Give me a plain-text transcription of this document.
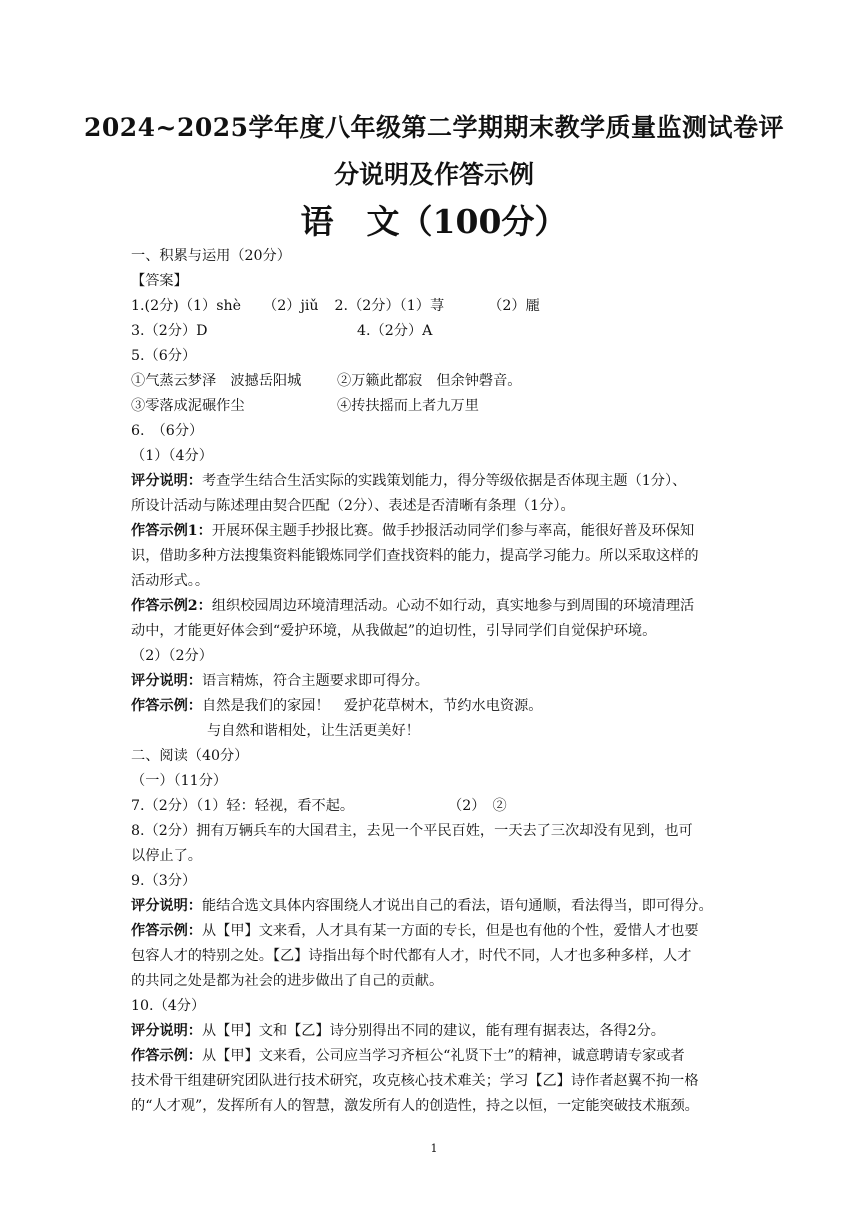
2024~2025学年度八年级第二学期期末教学质量监测试卷评
分说明及作答示例
语　文（100分）
一、积累与运用（20分）
【答案】
1.(2分)（1）shè （2）jiǔ 2.（2分）（1）荨	（2）龎
3.（2分）D	4.（2分）A
5.（6分）
①气蒸云梦泽　波撼岳阳城	②万籁此都寂　但余钟磬音。
③零落成泥碾作尘	④抟扶摇而上者九万里
6.　（6分）
（1）（4分）
评分说明：考查学生结合生活实际的实践策划能力，得分等级依据是否体现主题（1分）、
所设计活动与陈述理由契合匹配（2分）、表述是否清晰有条理（1分）。
作答示例1：开展环保主题手抄报比赛。做手抄报活动同学们参与率高，能很好普及环保知
识，借助多种方法搜集资料能锻炼同学们查找资料的能力，提高学习能力。所以采取这样的
活动形式。。
作答示例2：组织校园周边环境清理活动。心动不如行动，真实地参与到周围的环境清理活
动中，才能更好体会到“爱护环境，从我做起”的迫切性，引导同学们自觉保护环境。
（2）（2分）
评分说明：语言精炼，符合主题要求即可得分。
作答示例：自然是我们的家园！　爱护花草树木，节约水电资源。
与自然和谐相处，让生活更美好！
二、阅读（40分）
（一）（11分）
7.（2分）（1）轻：轻视，看不起。	（2）　②
8.（2分）拥有万辆兵车的大国君主，去见一个平民百姓，一天去了三次却没有见到，也可
以停止了。
9.（3分）
评分说明：能结合选文具体内容围绕人才说出自己的看法，语句通顺，看法得当，即可得分。
作答示例：从【甲】文来看，人才具有某一方面的专长，但是也有他的个性，爱惜人才也要
包容人才的特别之处。【乙】诗指出每个时代都有人才，时代不同，人才也多种多样，人才
的共同之处是都为社会的进步做出了自己的贡献。
10.（4分）
评分说明：从【甲】文和【乙】诗分别得出不同的建议，能有理有据表达，各得2分。
作答示例：从【甲】文来看，公司应当学习齐桓公“礼贤下士”的精神，诚意聘请专家或者
技术骨干组建研究团队进行技术研究，攻克核心技术难关；学习【乙】诗作者赵翼不拘一格
的“人才观”，发挥所有人的智慧，激发所有人的创造性，持之以恒，一定能突破技术瓶颈。
1
